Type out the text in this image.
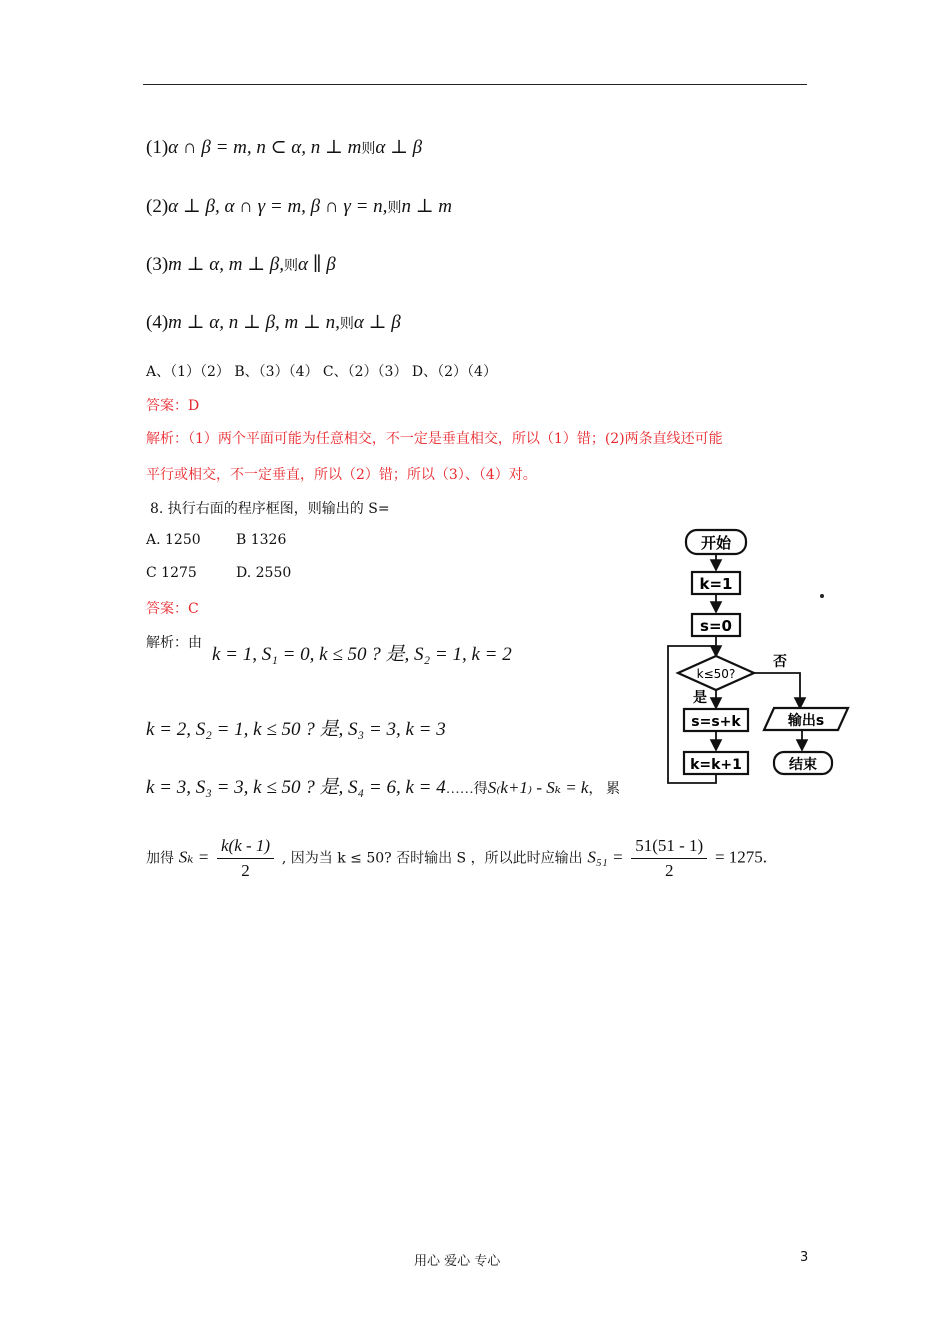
(1)α ∩ β = m, n ⊂ α, n ⊥ m则α ⊥ β
(2)α ⊥ β, α ∩ γ = m, β ∩ γ = n,则n ⊥ m
(3)m ⊥ α, m ⊥ β,则α ∥ β
(4)m ⊥ α, n ⊥ β, m ⊥ n,则α ⊥ β
A、（1）（2） B、（3）（4） C、（2）（3） D、（2）（4）
答案：D
解析：（1）两个平面可能为任意相交，不一定是垂直相交，所以（1）错；(2)两条直线还可能
平行或相交，不一定垂直，所以（2）错；所以（3）、（4）对。
8. 执行右面的程序框图，则输出的 S=
A. 1250	B 1326
C 1275	D. 2550
答案：C
解析：由
k = 1, S₁ = 0, k ≤ 50 ? 是, S₂ = 1, k = 2
k = 2, S₂ = 1, k ≤ 50 ? 是, S₃ = 3, k = 3
k = 3, S₃ = 3, k ≤ 50 ? 是, S₄ = 6, k = 4……得S₍k+1₎ - Sₖ = k， 累
加得 $S_k = \frac{k(k - 1)}{2}$ , 因为当 k ≤ 50? 否时输出 S ，所以此时应输出 $S_{51} = \frac{51(51 - 1)}{2} = 1275$.
开始
k=1
s=0
k≤50?
否
是
s=s+k
k=k+1
输出s
结束
用心 爱心 专心	3
